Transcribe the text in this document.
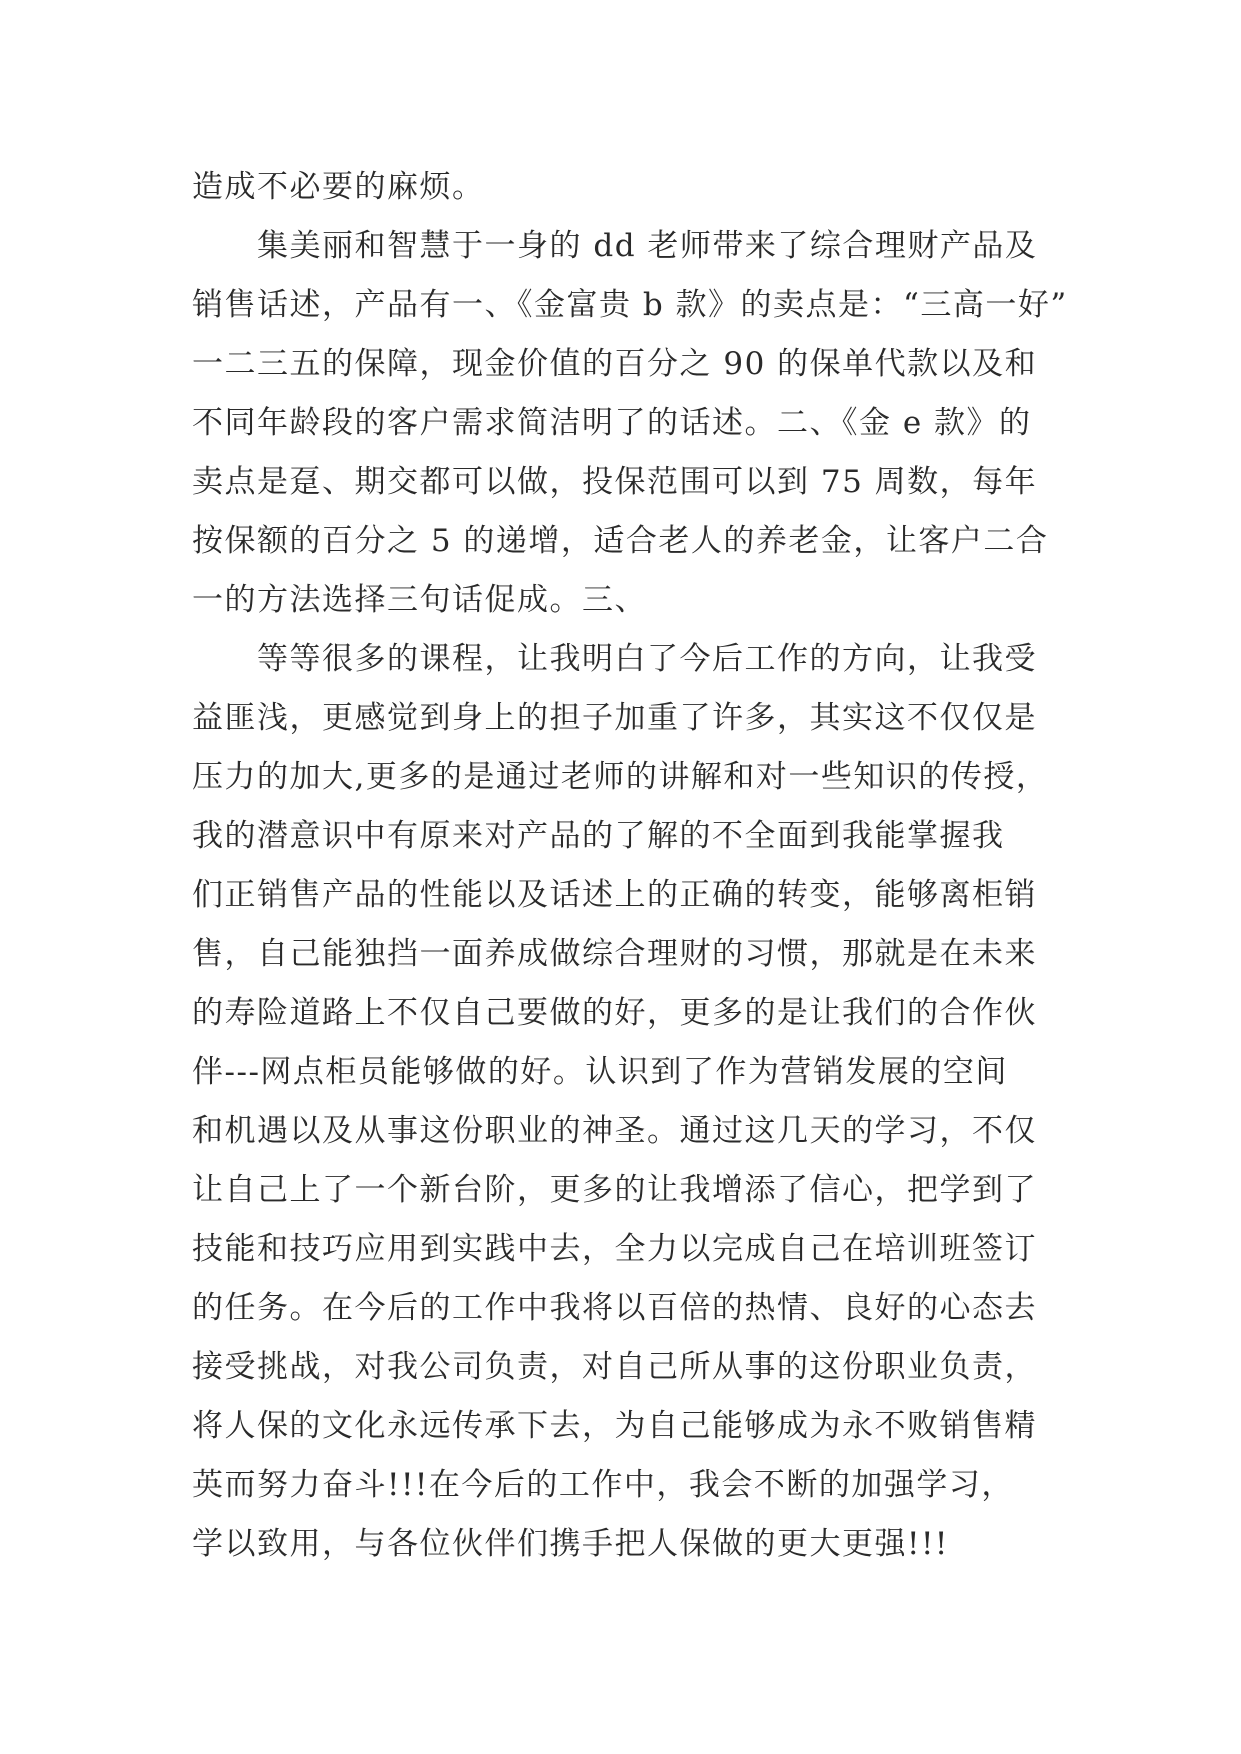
造成不必要的麻烦。
　　集美丽和智慧于一身的 dd 老师带来了综合理财产品及
销售话述，产品有一、《金富贵 b 款》的卖点是：“三高一好”
一二三五的保障，现金价值的百分之 90 的保单代款以及和
不同年龄段的客户需求简洁明了的话述。二、《金 e 款》的
卖点是趸、期交都可以做，投保范围可以到 75 周数，每年
按保额的百分之 5 的递增，适合老人的养老金，让客户二合
一的方法选择三句话促成。三、
　　等等很多的课程，让我明白了今后工作的方向，让我受
益匪浅，更感觉到身上的担子加重了许多，其实这不仅仅是
压力的加大,更多的是通过老师的讲解和对一些知识的传授，
我的潜意识中有原来对产品的了解的不全面到我能掌握我
们正销售产品的性能以及话述上的正确的转变，能够离柜销
售，自己能独挡一面养成做综合理财的习惯，那就是在未来
的寿险道路上不仅自己要做的好，更多的是让我们的合作伙
伴---网点柜员能够做的好。认识到了作为营销发展的空间
和机遇以及从事这份职业的神圣。通过这几天的学习，不仅
让自己上了一个新台阶，更多的让我增添了信心，把学到了
技能和技巧应用到实践中去，全力以完成自己在培训班签订
的任务。在今后的工作中我将以百倍的热情、良好的心态去
接受挑战，对我公司负责，对自己所从事的这份职业负责，
将人保的文化永远传承下去，为自己能够成为永不败销售精
英而努力奋斗!!!在今后的工作中，我会不断的加强学习，
学以致用，与各位伙伴们携手把人保做的更大更强!!!
